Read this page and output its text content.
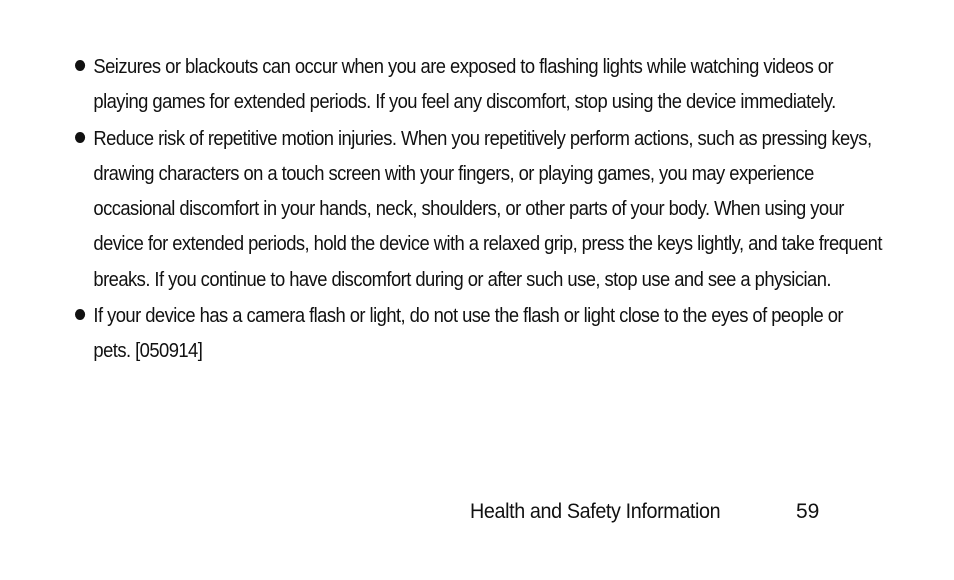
Seizures or blackouts can occur when you are exposed to flashing lights while watching videos or playing games for extended periods. If you feel any discomfort, stop using the device immediately.
Reduce risk of repetitive motion injuries. When you repetitively perform actions, such as pressing keys, drawing characters on a touch screen with your fingers, or playing games, you may experience occasional discomfort in your hands, neck, shoulders, or other parts of your body. When using your device for extended periods, hold the device with a relaxed grip, press the keys lightly, and take frequent breaks. If you continue to have discomfort during or after such use, stop use and see a physician.
If your device has a camera flash or light, do not use the flash or light close to the eyes of people or pets. [050914]
Health and Safety Information	59
